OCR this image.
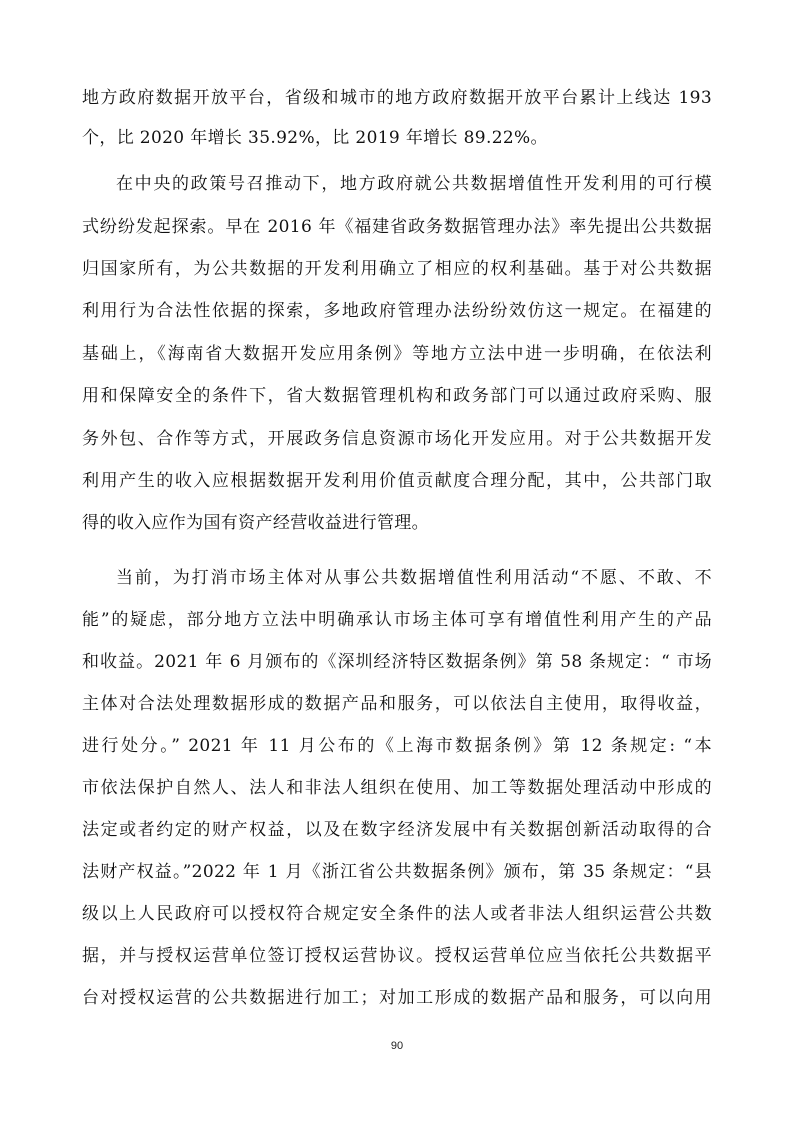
地方政府数据开放平台，省级和城市的地方政府数据开放平台累计上线达 193
个，比 2020 年增长 35.92%，比 2019 年增长 89.22%。
在中央的政策号召推动下，地方政府就公共数据增值性开发利用的可行模
式纷纷发起探索。早在 2016 年《福建省政务数据管理办法》率先提出公共数据
归国家所有，为公共数据的开发利用确立了相应的权利基础。基于对公共数据
利用行为合法性依据的探索，多地政府管理办法纷纷效仿这一规定。在福建的
基础上，《海南省大数据开发应用条例》等地方立法中进一步明确，在依法利
用和保障安全的条件下，省大数据管理机构和政务部门可以通过政府采购、服
务外包、合作等方式，开展政务信息资源市场化开发应用。对于公共数据开发
利用产生的收入应根据数据开发利用价值贡献度合理分配，其中，公共部门取
得的收入应作为国有资产经营收益进行管理。
当前，为打消市场主体对从事公共数据增值性利用活动“不愿、不敢、不
能”的疑虑，部分地方立法中明确承认市场主体可享有增值性利用产生的产品
和收益。2021 年 6 月颁布的《深圳经济特区数据条例》第 58 条规定：“ 市场
主体对合法处理数据形成的数据产品和服务，可以依法自主使用，取得收益，
进行处分。” 2021 年 11 月公布的《上海市数据条例》第 12 条规定: “本
市依法保护自然人、法人和非法人组织在使用、加工等数据处理活动中形成的
法定或者约定的财产权益，以及在数字经济发展中有关数据创新活动取得的合
法财产权益。”2022 年 1 月《浙江省公共数据条例》颁布，第 35 条规定：“县
级以上人民政府可以授权符合规定安全条件的法人或者非法人组织运营公共数
据，并与授权运营单位签订授权运营协议。授权运营单位应当依托公共数据平
台对授权运营的公共数据进行加工；对加工形成的数据产品和服务，可以向用
90
